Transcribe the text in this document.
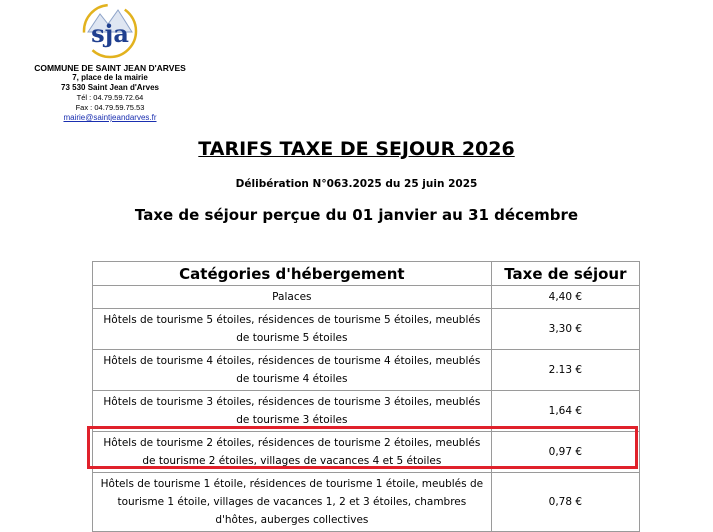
sja
COMMUNE DE SAINT JEAN D'ARVES
7, place de la mairie
73 530 Saint Jean d'Arves
Tél : 04.79.59.72.64
Fax : 04.79.59.75.53
mairie@saintjeandarves.fr
TARIFS TAXE DE SEJOUR 2026
Délibération N°063.2025 du 25 juin 2025
Taxe de séjour perçue du 01 janvier au 31 décembre
Catégories d'hébergement	Taxe de séjour
Palaces	4,40 €
Hôtels de tourisme 5 étoiles, résidences de tourisme 5 étoiles, meublés de tourisme 5 étoiles	3,30 €
Hôtels de tourisme 4 étoiles, résidences de tourisme 4 étoiles, meublés de tourisme 4 étoiles	2.13 €
Hôtels de tourisme 3 étoiles, résidences de tourisme 3 étoiles, meublés de tourisme 3 étoiles	1,64 €
Hôtels de tourisme 2 étoiles, résidences de tourisme 2 étoiles, meublés de tourisme 2 étoiles, villages de vacances 4 et 5 étoiles	0,97 €
Hôtels de tourisme 1 étoile, résidences de tourisme 1 étoile, meublés de tourisme 1 étoile, villages de vacances 1, 2 et 3 étoiles, chambres d'hôtes, auberges collectives	0,78 €
